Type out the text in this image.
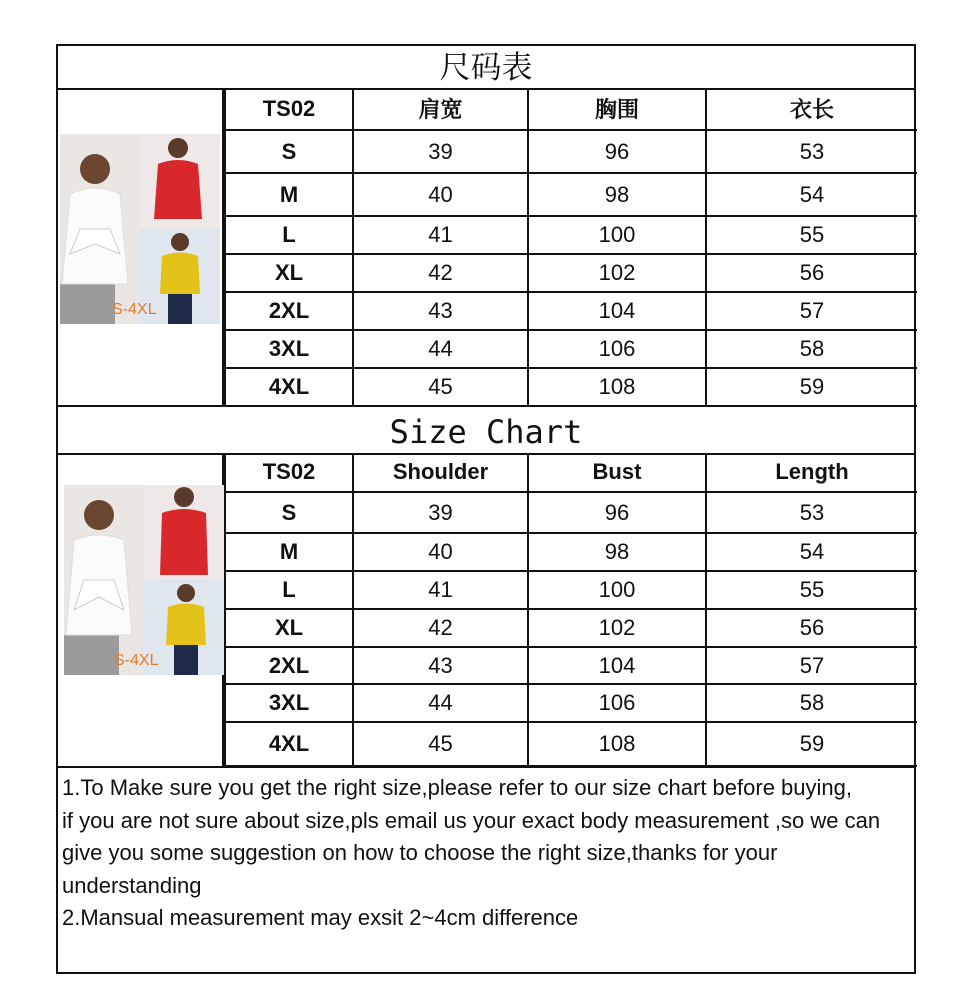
尺码表
S-4XL
TS02	肩宽	胸围	衣长
S	39	96	53
M	40	98	54
L	41	100	55
XL	42	102	56
2XL	43	104	57
3XL	44	106	58
4XL	45	108	59
Size Chart
S-4XL
TS02	Shoulder	Bust	Length
S	39	96	53
M	40	98	54
L	41	100	55
XL	42	102	56
2XL	43	104	57
3XL	44	106	58
4XL	45	108	59

1.To Make sure you get the right size,please refer to our size chart before buying,

if you are not sure about size,pls email us your exact body measurement ,so we can give you some suggestion on how to choose the right size,thanks for your understanding

2.Mansual measurement may exsit 2~4cm difference
